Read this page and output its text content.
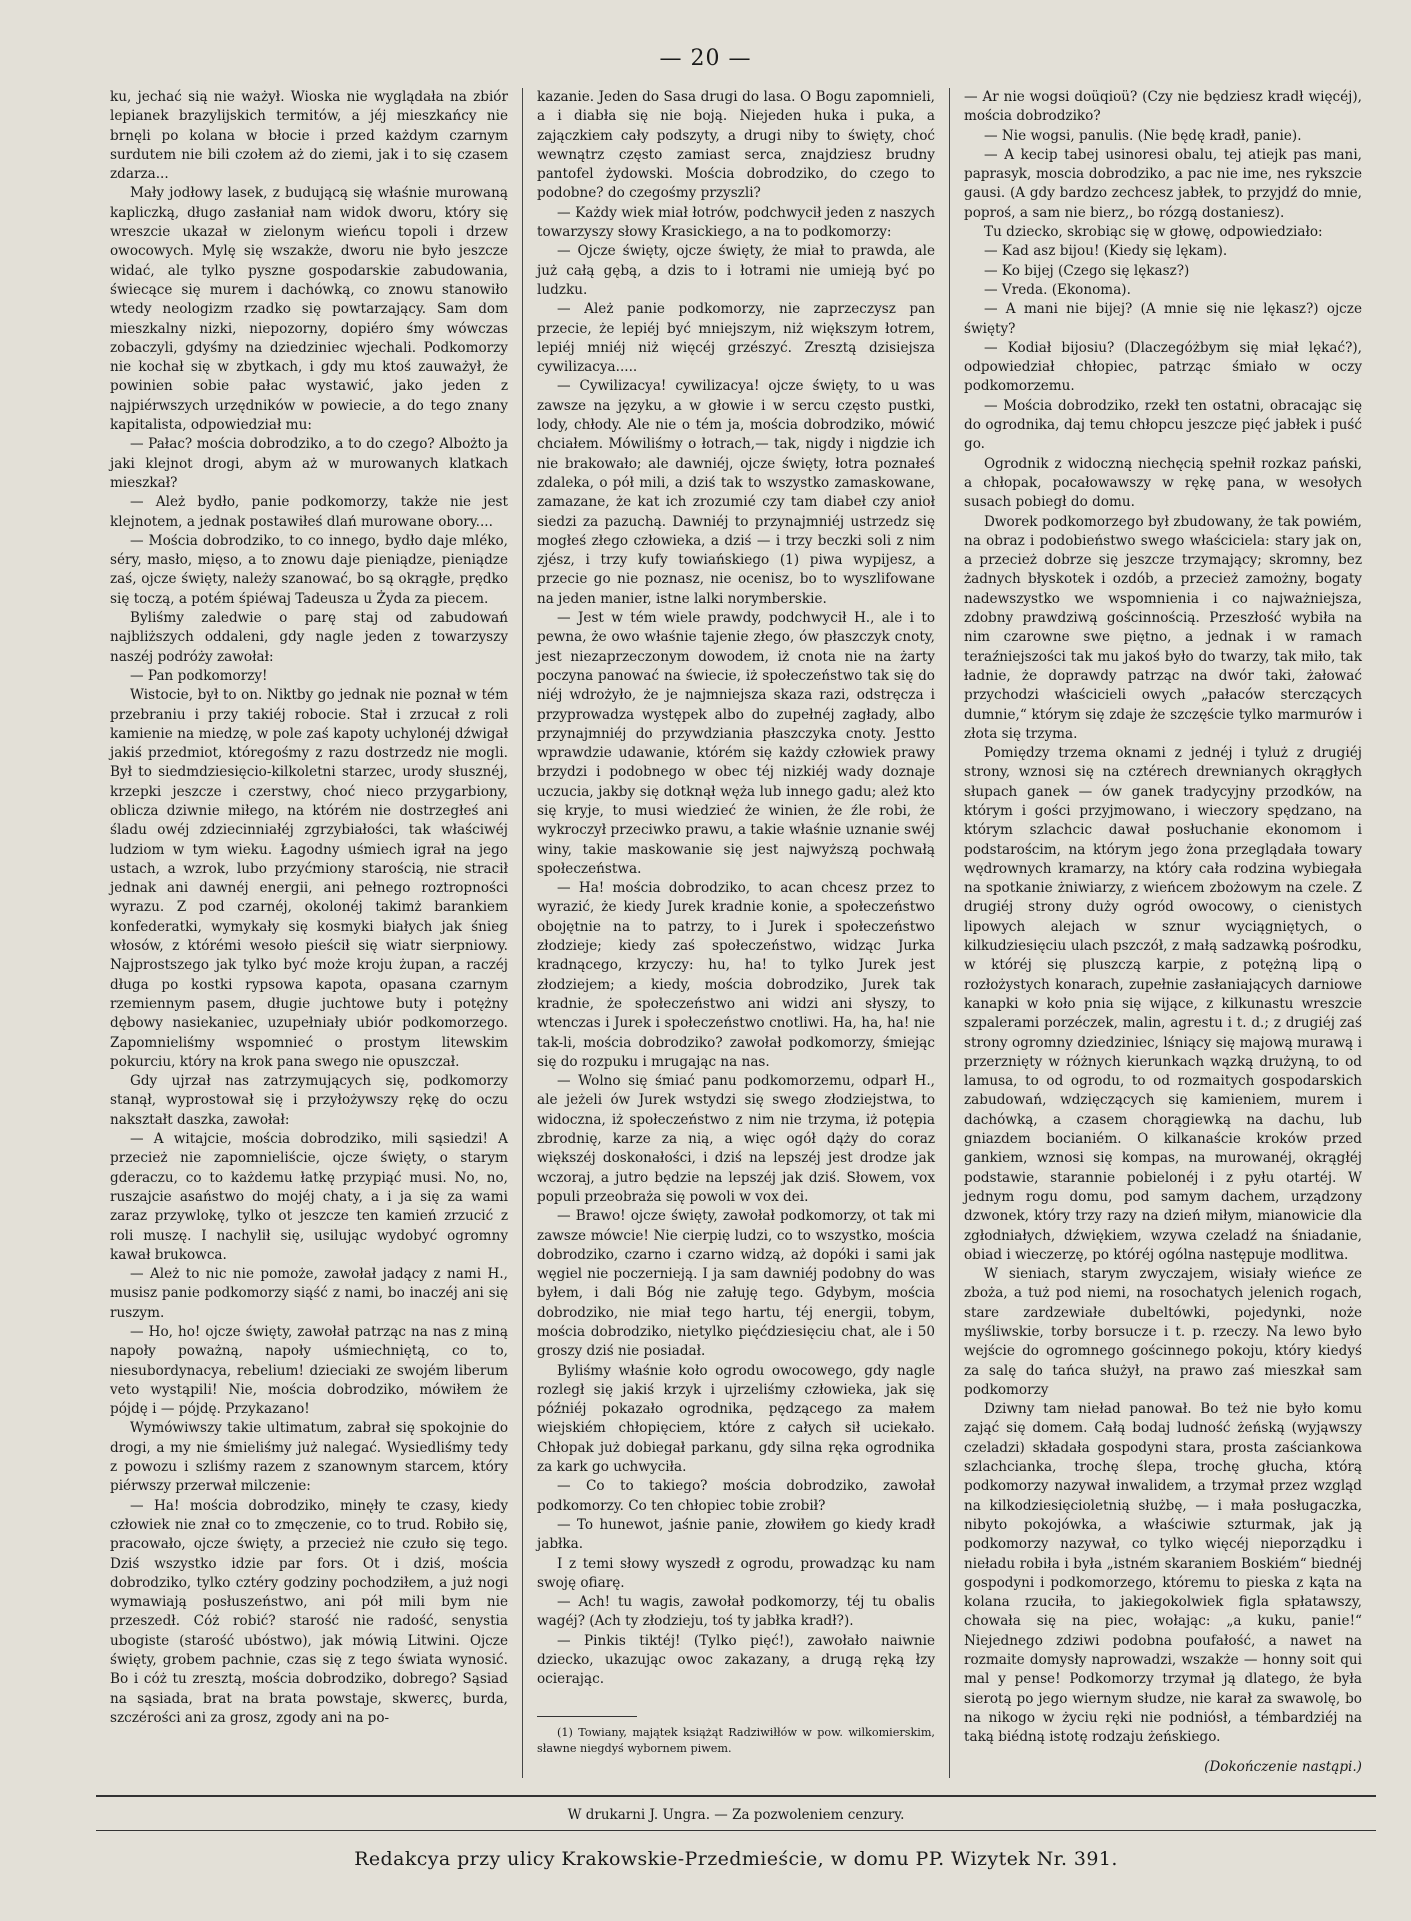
— 20 —

ku, jechać sią nie ważył. Wioska nie wyglądała na zbiór lepianek brazylijskich termitów, a jéj mieszkańcy nie brnęli po kolana w błocie i przed każdym czarnym surdutem nie bili czołem aż do ziemi, jak i to się czasem zdarza...

Mały jodłowy lasek, z budującą się właśnie murowaną kapliczką, długo zasłaniał nam widok dworu, który się wreszcie ukazał w zielonym wieńcu topoli i drzew owocowych. Mylę się wszakże, dworu nie było jeszcze widać, ale tylko pyszne gospodarskie zabudowania, świecące się murem i dachówką, co znowu stanowiło wtedy neologizm rzadko się powtarzający. Sam dom mieszkalny nizki, niepozorny, dopiéro śmy wówczas zobaczyli, gdyśmy na dziedziniec wjechali. Podkomorzy nie kochał się w zbytkach, i gdy mu ktoś zauważył, że powinien sobie pałac wystawić, jako jeden z najpiérwszych urzędników w powiecie, a do tego znany kapitalista, odpowiedział mu:

— Pałac? mościa dobrodziko, a to do czego? Albożto ja jaki klejnot drogi, abym aż w murowanych klatkach mieszkał?

— Ależ bydło, panie podkomorzy, także nie jest klejnotem, a jednak postawiłeś dlań murowane obory....

— Mościa dobrodziko, to co innego, bydło daje mléko, séry, masło, mięso, a to znowu daje pieniądze, pieniądze zaś, ojcze święty, należy szanować, bo są okrągłe, prędko się toczą, a potém śpiéwaj Tadeusza u Żyda za piecem.

Byliśmy zaledwie o parę staj od zabudowań najbliższych oddaleni, gdy nagle jeden z towarzyszy naszéj podróży zawołał:

— Pan podkomorzy!

Wistocie, był to on. Niktby go jednak nie poznał w tém przebraniu i przy takiéj robocie. Stał i zrzucał z roli kamienie na miedzę, w pole zaś kapoty uchylonéj dźwigał jakiś przedmiot, któregośmy z razu dostrzedz nie mogli. Był to siedmdziesięcio-kilkoletni starzec, urody słusznéj, krzepki jeszcze i czerstwy, choć nieco przygarbiony, oblicza dziwnie miłego, na którém nie dostrzegłeś ani śladu owéj zdziecinniałéj zgrzybiałości, tak właściwéj ludziom w tym wieku. Łagodny uśmiech igrał na jego ustach, a wzrok, lubo przyćmiony starością, nie stracił jednak ani dawnéj energii, ani pełnego roztropności wyrazu. Z pod czarnéj, okolonéj takimż barankiem konfederatki, wymykały się kosmyki białych jak śnieg włosów, z którémi wesoło pieścił się wiatr sierpniowy. Najprostszego jak tylko być może kroju żupan, a raczéj długa po kostki rypsowa kapota, opasana czarnym rzemiennym pasem, długie juchtowe buty i potężny dębowy nasiekaniec, uzupełniały ubiór podkomorzego. Zapomnieliśmy wspomnieć o prostym litewskim pokurciu, który na krok pana swego nie opuszczał.

Gdy ujrzał nas zatrzymujących się, podkomorzy stanął, wyprostował się i przyłożywszy rękę do oczu nakształt daszka, zawołał:

— A witajcie, mościa dobrodziko, mili sąsiedzi! A przecież nie zapomnieliście, ojcze święty, o starym gderaczu, co to każdemu łatkę przypiąć musi. No, no, ruszajcie asaństwo do mojéj chaty, a i ja się za wami zaraz przywlokę, tylko ot jeszcze ten kamień zrzucić z roli muszę. I nachylił się, usilując wydobyć ogromny kawał brukowca.

— Ależ to nic nie pomoże, zawołał jadący z nami H., musisz panie podkomorzy siąść z nami, bo inaczéj ani się ruszym.

— Ho, ho! ojcze święty, zawołał patrząc na nas z miną napoły poważną, napoły uśmiechniętą, co to, niesubordynacya, rebelium! dzieciaki ze swojém liberum veto wystąpili! Nie, mościa dobrodziko, mówiłem że pójdę i — pójdę. Przykazano!

Wymówiwszy takie ultimatum, zabrał się spokojnie do drogi, a my nie śmieliśmy już nalegać. Wysiedliśmy tedy z powozu i szliśmy razem z szanownym starcem, który piérwszy przerwał milczenie:

— Ha! mościa dobrodziko, minęły te czasy, kiedy człowiek nie znał co to zmęczenie, co to trud. Robiło się, pracowało, ojcze święty, a przecież nie czuło się tego. Dziś wszystko idzie par fors. Ot i dziś, mościa dobrodziko, tylko cztéry godziny pochodziłem, a już nogi wymawiają posłuszeństwo, ani pół mili bym nie przeszedł. Cóż robić? starość nie radość, senystia ubogiste (starość ubóstwo), jak mówią Litwini. Ojcze święty, grobem pachnie, czas się z tego świata wynosić. Bo i cóż tu zresztą, mościa dobrodziko, dobrego? Sąsiad na sąsiada, brat na brata powstaje, skwerες, burda, szczérości ani za grosz, zgody ani na po-

kazanie. Jeden do Sasa drugi do lasa. O Bogu zapomnieli, a i diabła się nie boją. Niejeden huka i puka, a zajączkiem cały podszyty, a drugi niby to święty, choć wewnątrz często zamiast serca, znajdziesz brudny pantofel żydowski. Mościa dobrodziko, do czego to podobne? do czegośmy przyszli?

— Każdy wiek miał łotrów, podchwycił jeden z naszych towarzyszy słowy Krasickiego, a na to podkomorzy:

— Ojcze święty, ojcze święty, że miał to prawda, ale już całą gębą, a dzis to i łotrami nie umieją być po ludzku.

— Ależ panie podkomorzy, nie zaprzeczysz pan przecie, że lepiéj być mniejszym, niż większym łotrem, lepiéj mniéj niż więcéj grzészyć. Zresztą dzisiejsza cywilizacya.....

— Cywilizacya! cywilizacya! ojcze święty, to u was zawsze na języku, a w głowie i w sercu często pustki, lody, chłody. Ale nie o tém ja, mościa dobrodziko, mówić chciałem. Mówiliśmy o łotrach,— tak, nigdy i nigdzie ich nie brakowało; ale dawniéj, ojcze święty, łotra poznałeś zdaleka, o pół mili, a dziś tak to wszystko zamaskowane, zamazane, że kat ich zrozumié czy tam diabeł czy anioł siedzi za pazuchą. Dawniéj to przynajmniéj ustrzedz się mogłeś złego człowieka, a dziś — i trzy beczki soli z nim zjész, i trzy kufy towiańskiego (1) piwa wypijesz, a przecie go nie poznasz, nie ocenisz, bo to wyszlifowane na jeden manier, istne lalki norymberskie.

— Jest w tém wiele prawdy, podchwycił H., ale i to pewna, że owo właśnie tajenie złego, ów płaszczyk cnoty, jest niezaprzeczonym dowodem, iż cnota nie na żarty poczyna panować na świecie, iż społeczeństwo tak się do niéj wdrożyło, że je najmniejsza skaza razi, odstręcza i przyprowadza występek albo do zupełnéj zagłady, albo przynajmniéj do przywdziania płaszczyka cnoty. Jestto wprawdzie udawanie, którém się każdy człowiek prawy brzydzi i podobnego w obec téj nizkiéj wady doznaje uczucia, jakby się dotknął węża lub innego gadu; ależ kto się kryje, to musi wiedzieć że winien, że źle robi, że wykroczył przeciwko prawu, a takie właśnie uznanie swéj winy, takie maskowanie się jest najwyższą pochwałą społeczeństwa.

— Ha! mościa dobrodziko, to acan chcesz przez to wyrazić, że kiedy Jurek kradnie konie, a społeczeństwo obojętnie na to patrzy, to i Jurek i społeczeństwo złodzieje; kiedy zaś społeczeństwo, widząc Jurka kradnącego, krzyczy: hu, ha! to tylko Jurek jest złodziejem; a kiedy, mościa dobrodziko, Jurek tak kradnie, że społeczeństwo ani widzi ani słyszy, to wtenczas i Jurek i społeczeństwo cnotliwi. Ha, ha, ha! nie tak-li, mościa dobrodziko? zawołał podkomorzy, śmiejąc się do rozpuku i mrugając na nas.

— Wolno się śmiać panu podkomorzemu, odparł H., ale jeżeli ów Jurek wstydzi się swego złodziejstwa, to widoczna, iż społeczeństwo z nim nie trzyma, iż potępia zbrodnię, karze za nią, a więc ogół dąży do coraz większéj doskonałości, i dziś na lepszéj jest drodze jak wczoraj, a jutro będzie na lepszéj jak dziś. Słowem, vox populi przeobraża się powoli w vox dei.

— Brawo! ojcze święty, zawołał podkomorzy, ot tak mi zawsze mówcie! Nie cierpię ludzi, co to wszystko, mościa dobrodziko, czarno i czarno widzą, aż dopóki i sami jak węgiel nie poczernieją. I ja sam dawniéj podobny do was byłem, i dali Bóg nie załuję tego. Gdybym, mościa dobrodziko, nie miał tego hartu, téj energii, tobym, mościa dobrodziko, nietylko pięćdziesięciu chat, ale i 50 groszy dziś nie posiadał.

Byliśmy właśnie koło ogrodu owocowego, gdy nagle rozległ się jakiś krzyk i ujrzeliśmy człowieka, jak się późniéj pokazało ogrodnika, pędzącego za małem wiejskiém chłopięciem, które z całych sił uciekało. Chłopak już dobiegał parkanu, gdy silna ręka ogrodnika za kark go uchwyciła.

— Co to takiego? mościa dobrodziko, zawołał podkomorzy. Co ten chłopiec tobie zrobił?

— To hunewot, jaśnie panie, złowiłem go kiedy kradł jabłka.

I z temi słowy wyszedł z ogrodu, prowadząc ku nam swoję ofiarę.

— Ach! tu wagis, zawołał podkomorzy, téj tu obalis wagéj? (Ach ty złodzieju, toś ty jabłka kradł?).

— Pinkis tiktéj! (Tylko pięć!), zawołało naiwnie dziecko, ukazując owoc zakazany, a drugą ręką łzy ocierając.

(1) Towiany, majątek książąt Radziwiłłów w pow. wilkomierskim, sławne niegdyś wybornem piwem.

— Ar nie wogsi doüqioü? (Czy nie będziesz kradł więcéj), mościa dobrodziko?

— Nie wogsi, panulis. (Nie będę kradł, panie).

— A kecip tabej usinoresi obalu, tej atiejk pas mani, paprasyk, moscia dobrodziko, a pac nie ime, nes rykszcie gausi. (A gdy bardzo zechcesz jabłek, to przyjdź do mnie, poproś, a sam nie bierz,, bo rózgą dostaniesz).

Tu dziecko, skrobiąc się w głowę, odpowiedziało:

— Kad asz bijou! (Kiedy się lękam).

— Ko bijej (Czego się lękasz?)

— Vreda. (Ekonoma).

— A mani nie bijej? (A mnie się nie lękasz?) ojcze święty?

— Kodiał bijosiu? (Dlaczegóżbym się miał lękać?), odpowiedział chłopiec, patrząc śmiało w oczy podkomorzemu.

— Mościa dobrodziko, rzekł ten ostatni, obracając się do ogrodnika, daj temu chłopcu jeszcze pięć jabłek i puść go.

Ogrodnik z widoczną niechęcią spełnił rozkaz pański, a chłopak, pocałowawszy w rękę pana, w wesołych susach pobiegł do domu.

Dworek podkomorzego był zbudowany, że tak powiém, na obraz i podobieństwo swego właściciela: stary jak on, a przecież dobrze się jeszcze trzymający; skromny, bez żadnych błyskotek i ozdób, a przecież zamożny, bogaty nadewszystko we wspomnienia i co najważniejsza, zdobny prawdziwą gościnnością. Przeszłość wybiła na nim czarowne swe piętno, a jednak i w ramach teraźniejszości tak mu jakoś było do twarzy, tak miło, tak ładnie, że doprawdy patrząc na dwór taki, żałować przychodzi właścicieli owych „pałaców sterczących dumnie,“ którym się zdaje że szczęście tylko marmurów i złota się trzyma.

Pomiędzy trzema oknami z jednéj i tyluż z drugiéj strony, wznosi się na cztérech drewnianych okrągłych słupach ganek — ów ganek tradycyjny przodków, na którym i gości przyjmowano, i wieczory spędzano, na którym szlachcic dawał posłuchanie ekonomom i podstarościm, na którym jego żona przeglądała towary wędrownych kramarzy, na który cała rodzina wybiegała na spotkanie żniwiarzy, z wieńcem zbożowym na czele. Z drugiéj strony duży ogród owocowy, o cienistych lipowych alejach w sznur wyciągniętych, o kilkudziesięciu ulach pszczół, z małą sadzawką pośrodku, w któréj się pluszczą karpie, z potężną lipą o rozłożystych konarach, zupełnie zasłaniających darniowe kanapki w koło pnia się wijące, z kilkunastu wreszcie szpalerami porzéczek, malin, agrestu i t. d.; z drugiéj zaś strony ogromny dziedziniec, lśniący się majową murawą i przerznięty w różnych kierunkach wązką drużyną, to od lamusa, to od ogrodu, to od rozmaitych gospodarskich zabudowań, wdzięczących się kamieniem, murem i dachówką, a czasem chorągiewką na dachu, lub gniazdem bocianiém. O kilkanaście kroków przed gankiem, wznosi się kompas, na murowanéj, okrągłéj podstawie, starannie pobielonéj i z pyłu otartéj. W jednym rogu domu, pod samym dachem, urządzony dzwonek, który trzy razy na dzień miłym, mianowicie dla zgłodniałych, dźwiękiem, wzywa czeladź na śniadanie, obiad i wieczerzę, po któréj ogólna następuje modlitwa.

W sieniach, starym zwyczajem, wisiały wieńce ze zboża, a tuż pod niemi, na rosochatych jelenich rogach, stare zardzewiałe dubeltówki, pojedynki, noże myśliwskie, torby borsucze i t. p. rzeczy. Na lewo było wejście do ogromnego gościnnego pokoju, który kiedyś za salę do tańca służył, na prawo zaś mieszkał sam podkomorzy

Dziwny tam nieład panował. Bo też nie było komu zająć się domem. Całą bodaj ludność żeńską (wyjąwszy czeladzi) składała gospodyni stara, prosta zaściankowa szlachcianka, trochę ślepa, trochę głucha, którą podkomorzy nazywał inwalidem, a trzymał przez wzgląd na kilkodziesięcioletnią służbę, — i mała posługaczka, nibyto pokojówka, a właściwie szturmak, jak ją podkomorzy nazywał, co tylko więcéj nieporządku i nieładu robiła i była „istném skaraniem Boskiém“ biednéj gospodyni i podkomorzego, któremu to pieska z kąta na kolana rzuciła, to jakiegokolwiek figla spłatawszy, chowała się na piec, wołając: „a kuku, panie!“ Niejednego zdziwi podobna poufałość, a nawet na rozmaite domysły naprowadzi, wszakże — honny soit qui mal y pense! Podkomorzy trzymał ją dlatego, że była sierotą po jego wiernym słudze, nie karał za swawolę, bo na nikogo w życiu ręki nie podniósł, a témbardziéj na taką biédną istotę rodzaju żeńskiego.

(Dokończenie nastąpi.)

W drukarni J. Ungra. — Za pozwoleniem cenzury.
Redakcya przy ulicy Krakowskie-Przedmieście, w domu PP. Wizytek Nr. 391.
